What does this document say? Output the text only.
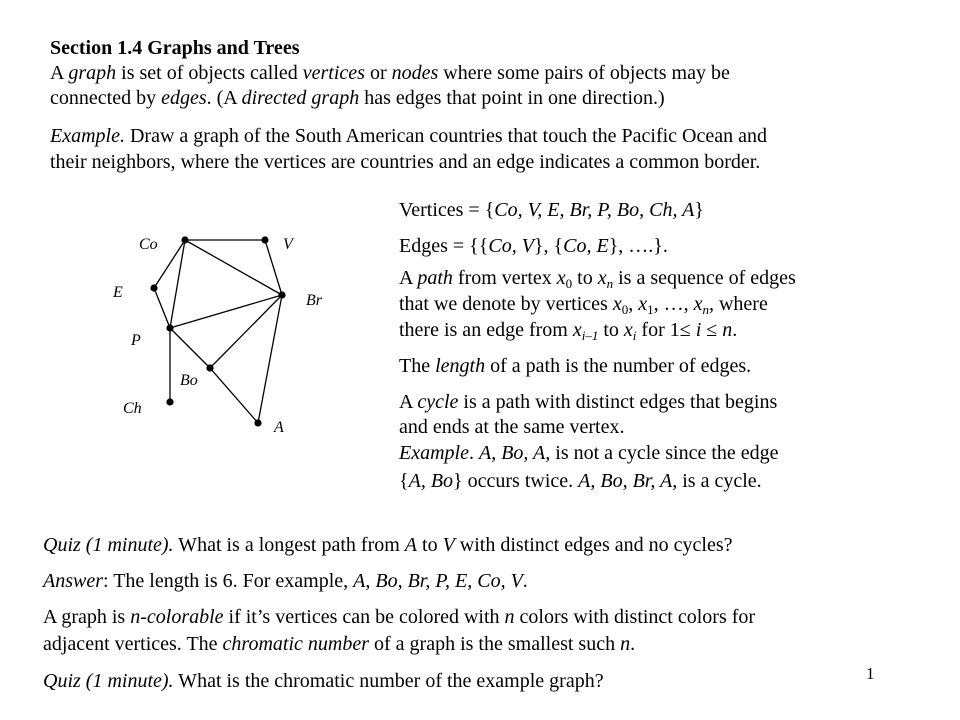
Section 1.4 Graphs and Trees
A graph is set of objects called vertices or nodes where some pairs of objects may be
connected by edges. (A directed graph has edges that point in one direction.)
Example. Draw a graph of the South American countries that touch the Pacific Ocean and
their neighbors, where the vertices are countries and an edge indicates a common border.
Co	V
E	Br
P
Bo
Ch
A
Vertices = {Co, V, E, Br, P, Bo, Ch, A}
Edges = {{Co, V}, {Co, E}, ….}.
A path from vertex $x_0$ to $x_n$ is a sequence of edges
that we denote by vertices $x_0$, $x_1$, …, $x_n$, where
there is an edge from $x_{i-1}$ to $x_i$ for 1≤ i ≤ n.
The length of a path is the number of edges.
A cycle is a path with distinct edges that begins
and ends at the same vertex.
Example. A, Bo, A, is not a cycle since the edge
{A, Bo} occurs twice. A, Bo, Br, A, is a cycle.
Quiz (1 minute). What is a longest path from A to V with distinct edges and no cycles?
Answer: The length is 6. For example, A, Bo, Br, P, E, Co, V.
A graph is n-colorable if it’s vertices can be colored with n colors with distinct colors for
adjacent vertices. The chromatic number of a graph is the smallest such n.
Quiz (1 minute). What is the chromatic number of the example graph?	1
